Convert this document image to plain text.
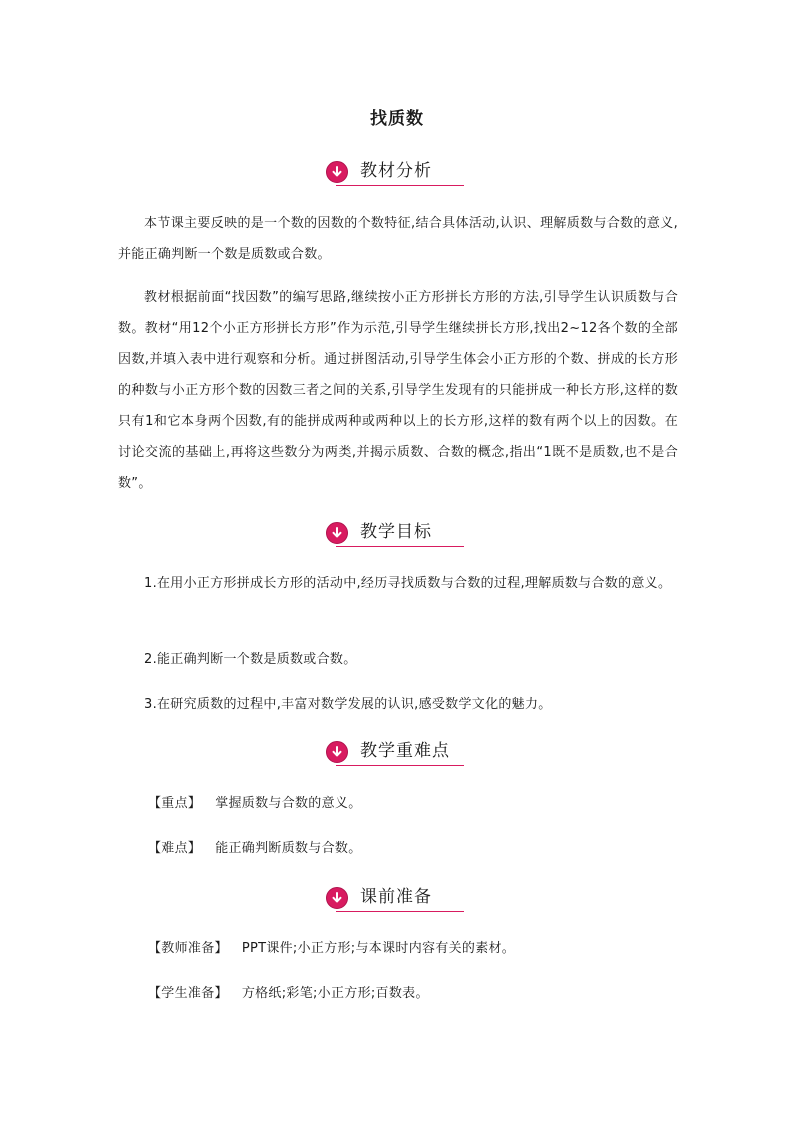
找质数
教材分析

本节课主要反映的是一个数的因数的个数特征,结合具体活动,认识、理解质数与合数的意义,并能正确判断一个数是质数或合数。

教材根据前面“找因数”的编写思路,继续按小正方形拼长方形的方法,引导学生认识质数与合数。教材“用12个小正方形拼长方形”作为示范,引导学生继续拼长方形,找出2~12各个数的全部因数,并填入表中进行观察和分析。通过拼图活动,引导学生体会小正方形的个数、拼成的长方形的种数与小正方形个数的因数三者之间的关系,引导学生发现有的只能拼成一种长方形,这样的数只有1和它本身两个因数,有的能拼成两种或两种以上的长方形,这样的数有两个以上的因数。在讨论交流的基础上,再将这些数分为两类,并揭示质数、合数的概念,指出“1既不是质数,也不是合数”。

教学目标

1.在用小正方形拼成长方形的活动中,经历寻找质数与合数的过程,理解质数与合数的意义。

2.能正确判断一个数是质数或合数。

3.在研究质数的过程中,丰富对数学发展的认识,感受数学文化的魅力。

教学重难点
【重点】 掌握质数与合数的意义。
【难点】 能正确判断质数与合数。
课前准备
【教师准备】 PPT课件;小正方形;与本课时内容有关的素材。
【学生准备】 方格纸;彩笔;小正方形;百数表。
